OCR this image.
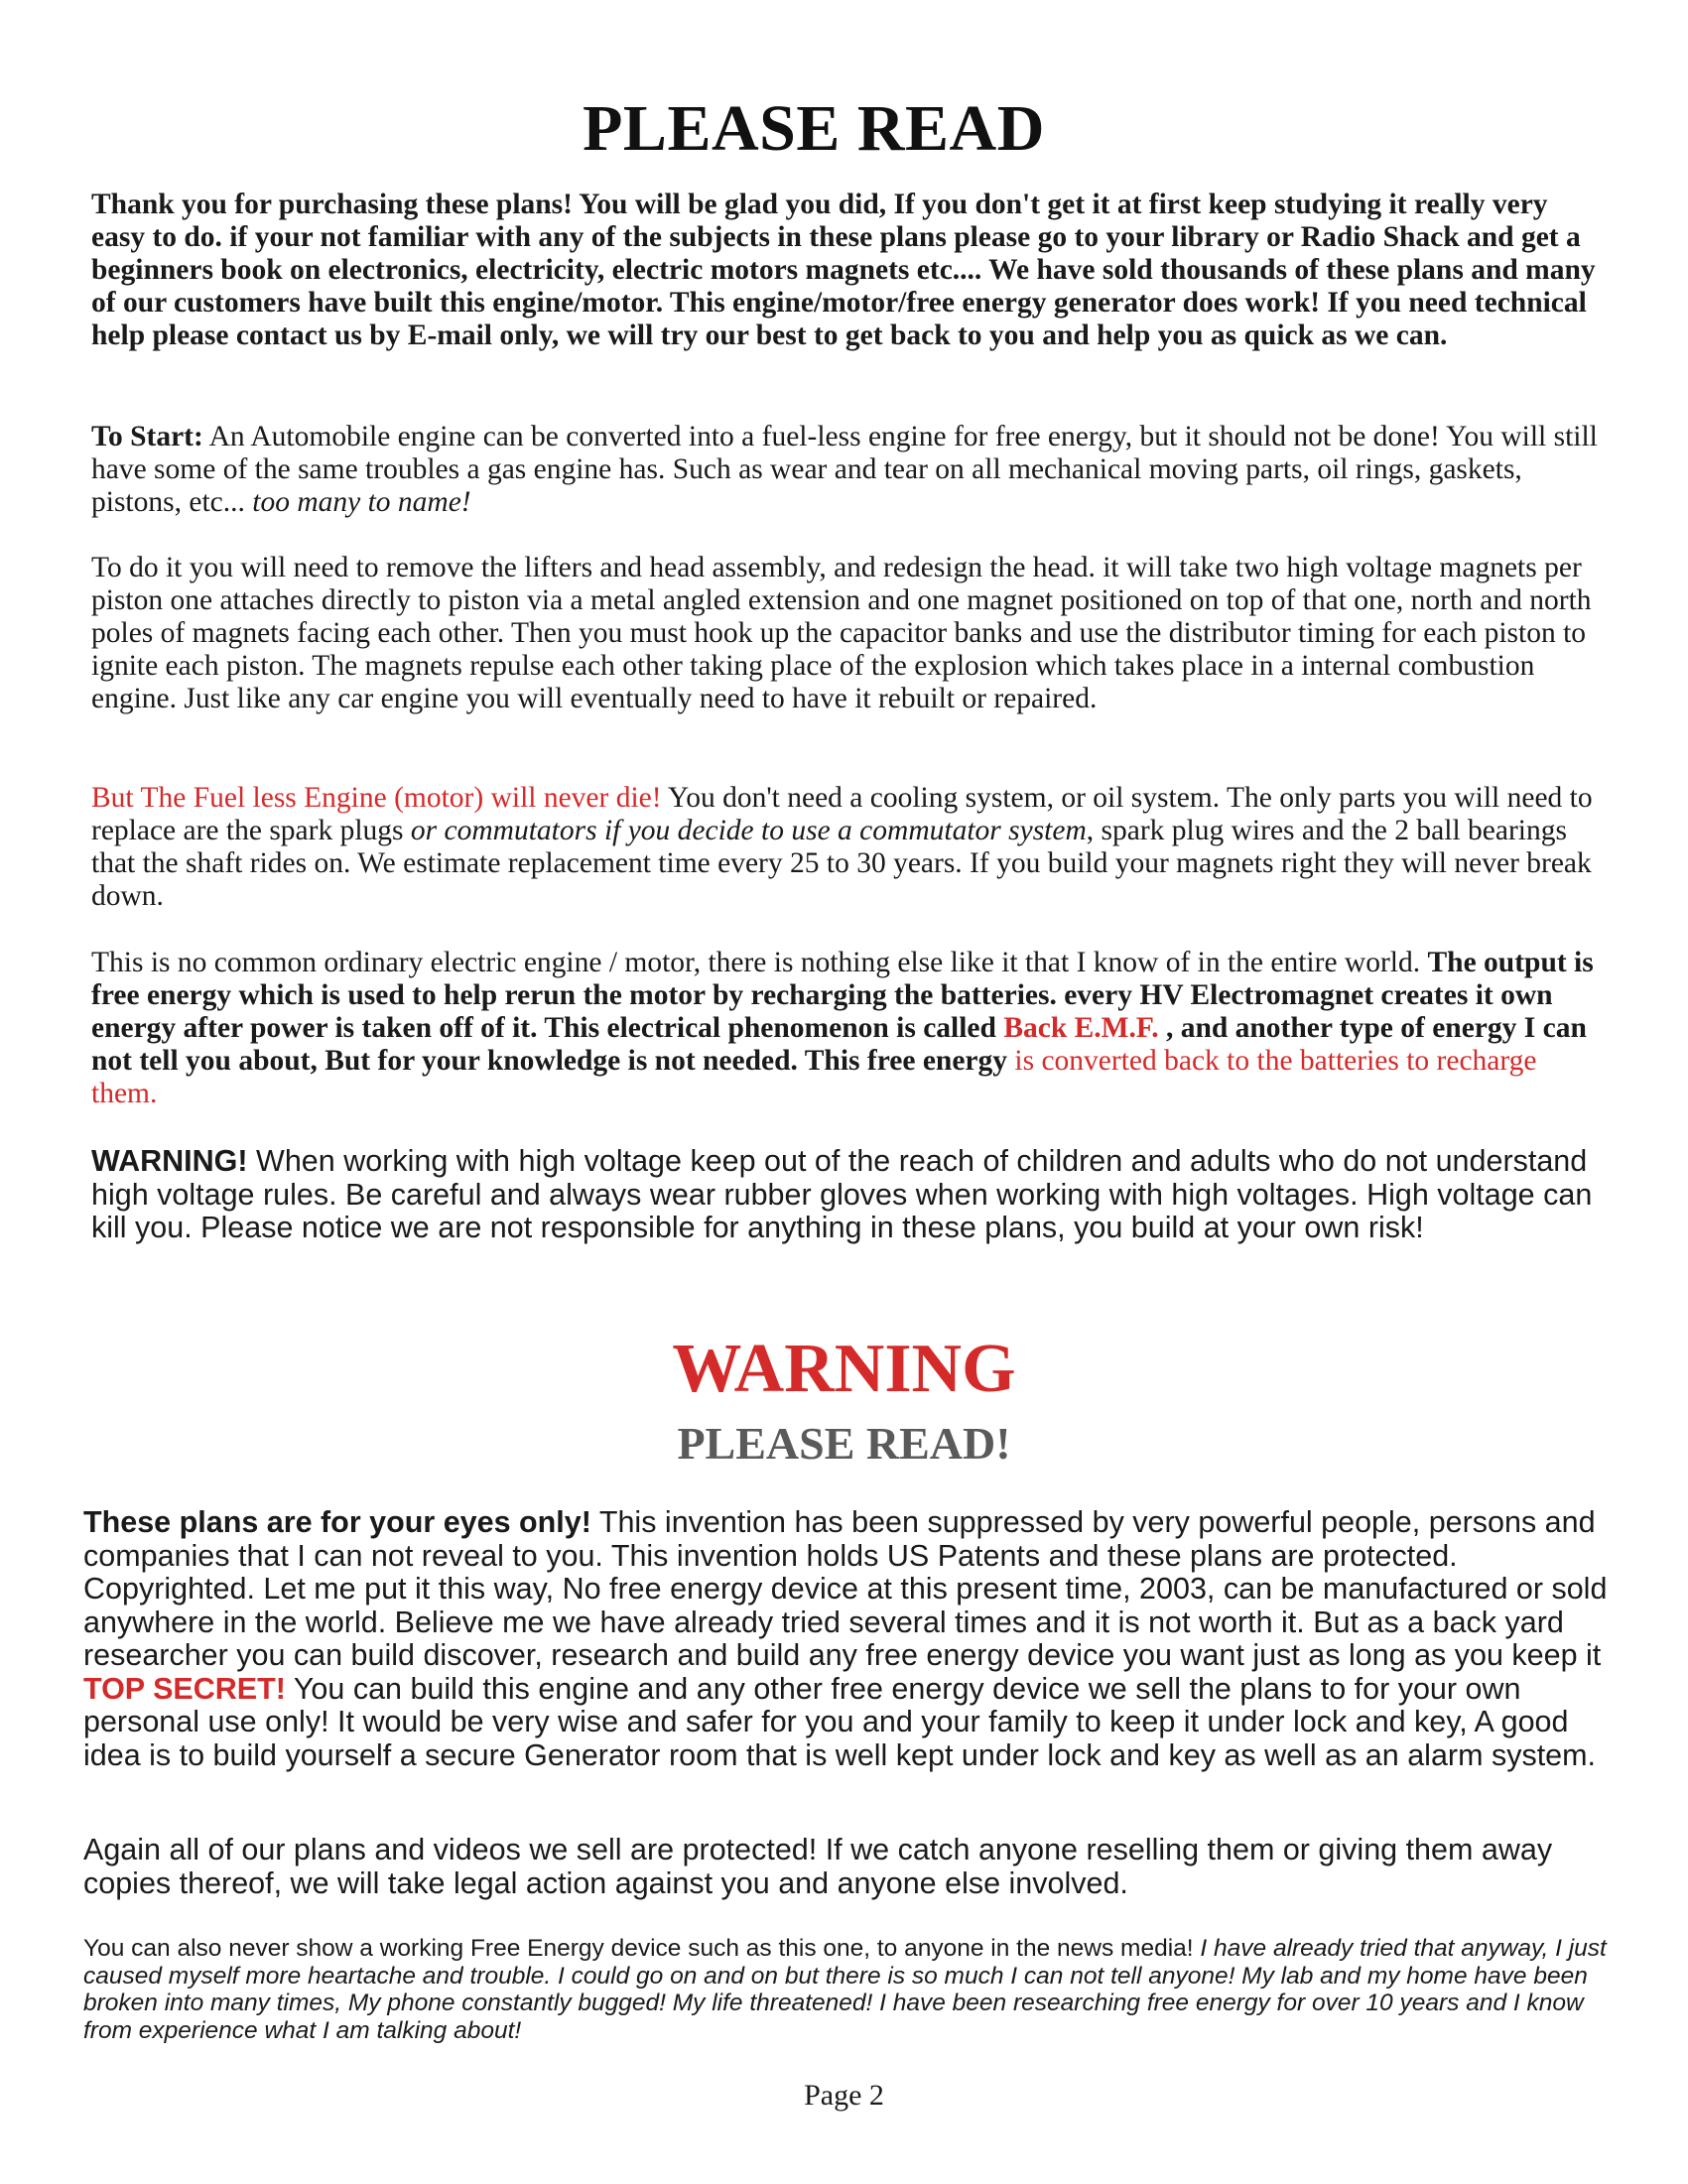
PLEASE READ

Thank you for purchasing these plans! You will be glad you did, If you don't get it at first keep studying it really very easy to do. if your not familiar with any of the subjects in these plans please go to your library or Radio Shack and get a beginners book on electronics, electricity, electric motors magnets etc.... We have sold thousands of these plans and many of our customers have built this engine/motor. This engine/motor/free energy generator does work! If you need technical help please contact us by E-mail only, we will try our best to get back to you and help you as quick as we can.

To Start: An Automobile engine can be converted into a fuel-less engine for free energy, but it should not be done! You will still have some of the same troubles a gas engine has. Such as wear and tear on all mechanical moving parts, oil rings, gaskets, pistons, etc... too many to name!

To do it you will need to remove the lifters and head assembly, and redesign the head. it will take two high voltage magnets per piston one attaches directly to piston via a metal angled extension and one magnet positioned on top of that one, north and north poles of magnets facing each other. Then you must hook up the capacitor banks and use the distributor timing for each piston to ignite each piston. The magnets repulse each other taking place of the explosion which takes place in a internal combustion engine. Just like any car engine you will eventually need to have it rebuilt or repaired.

But The Fuel less Engine (motor) will never die! You don't need a cooling system, or oil system. The only parts you will need to replace are the spark plugs or commutators if you decide to use a commutator system, spark plug wires and the 2 ball bearings that the shaft rides on. We estimate replacement time every 25 to 30 years. If you build your magnets right they will never break down.

This is no common ordinary electric engine / motor, there is nothing else like it that I know of in the entire world. The output is free energy which is used to help rerun the motor by recharging the batteries. every HV Electromagnet creates it own energy after power is taken off of it. This electrical phenomenon is called Back E.M.F. , and another type of energy I can not tell you about, But for your knowledge is not needed. This free energy is converted back to the batteries to recharge them.

WARNING! When working with high voltage keep out of the reach of children and adults who do not understand high voltage rules. Be careful and always wear rubber gloves when working with high voltages. High voltage can kill you. Please notice we are not responsible for anything in these plans, you build at your own risk!

WARNING
PLEASE READ!

These plans are for your eyes only! This invention has been suppressed by very powerful people, persons and companies that I can not reveal to you. This invention holds US Patents and these plans are protected. Copyrighted. Let me put it this way, No free energy device at this present time, 2003, can be manufactured or sold anywhere in the world. Believe me we have already tried several times and it is not worth it. But as a back yard researcher you can build discover, research and build any free energy device you want just as long as you keep it TOP SECRET! You can build this engine and any other free energy device we sell the plans to for your own personal use only! It would be very wise and safer for you and your family to keep it under lock and key, A good idea is to build yourself a secure Generator room that is well kept under lock and key as well as an alarm system.

Again all of our plans and videos we sell are protected! If we catch anyone reselling them or giving them away copies thereof, we will take legal action against you and anyone else involved.

You can also never show a working Free Energy device such as this one, to anyone in the news media! I have already tried that anyway, I just caused myself more heartache and trouble. I could go on and on but there is so much I can not tell anyone! My lab and my home have been broken into many times, My phone constantly bugged! My life threatened! I have been researching free energy for over 10 years and I know from experience what I am talking about!

Page 2
